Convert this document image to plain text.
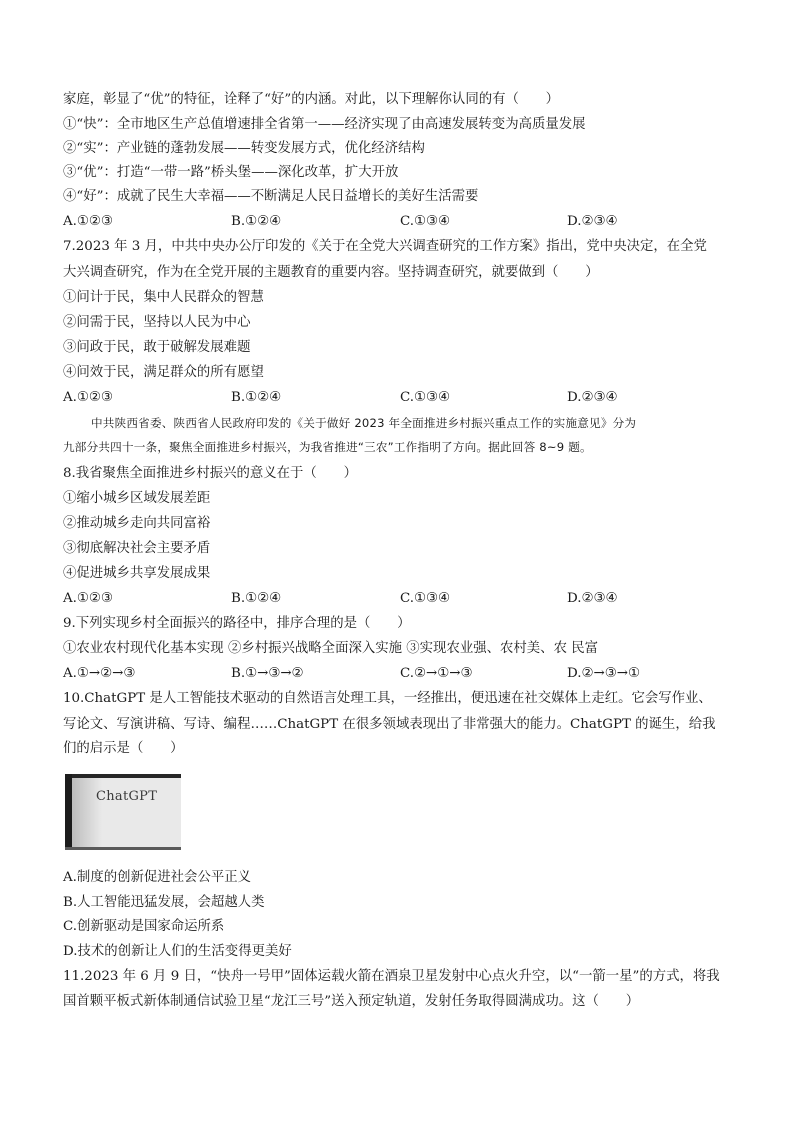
家庭，彰显了“优”的特征，诠释了“好”的内涵。对此，以下理解你认同的有（　　）
①“快”：全市地区生产总值增速排全省第一——经济实现了由高速发展转变为高质量发展
②“实”：产业链的蓬勃发展——转变发展方式，优化经济结构
③“优”：打造“一带一路”桥头堡——深化改革，扩大开放
④“好”：成就了民生大幸福——不断满足人民日益增长的美好生活需要
A.①②③	B.①②④	C.①③④	D.②③④
7.2023 年 3 月，中共中央办公厅印发的《关于在全党大兴调查研究的工作方案》指出，党中央决定，在全党
大兴调查研究，作为在全党开展的主题教育的重要内容。坚持调查研究，就要做到（　　）
①问计于民，集中人民群众的智慧
②问需于民，坚持以人民为中心
③问政于民，敢于破解发展难题
④问效于民，满足群众的所有愿望
A.①②③	B.①②④	C.①③④	D.②③④
中共陕西省委、陕西省人民政府印发的《关于做好 2023 年全面推进乡村振兴重点工作的实施意见》分为
九部分共四十一条，聚焦全面推进乡村振兴，为我省推进“三农”工作指明了方向。据此回答 8~9 题。
8.我省聚焦全面推进乡村振兴的意义在于（　　）
①缩小城乡区域发展差距
②推动城乡走向共同富裕
③彻底解决社会主要矛盾
④促进城乡共享发展成果
A.①②③	B.①②④	C.①③④	D.②③④
9.下列实现乡村全面振兴的路径中，排序合理的是（　　）
①农业农村现代化基本实现 ②乡村振兴战略全面深入实施 ③实现农业强、农村美、农 民富
A.①→②→③	B.①→③→②	C.②→①→③	D.②→③→①
10.ChatGPT 是人工智能技术驱动的自然语言处理工具，一经推出，便迅速在社交媒体上走红。它会写作业、
写论文、写演讲稿、写诗、编程……ChatGPT 在很多领域表现出了非常强大的能力。ChatGPT 的诞生，给我
们的启示是（　　）
ChatGPT
A.制度的创新促进社会公平正义
B.人工智能迅猛发展，会超越人类
C.创新驱动是国家命运所系
D.技术的创新让人们的生活变得更美好
11.2023 年 6 月 9 日，“快舟一号甲”固体运载火箭在酒泉卫星发射中心点火升空，以“一箭一星”的方式，将我
国首颗平板式新体制通信试验卫星“龙江三号”送入预定轨道，发射任务取得圆满成功。这（　　）
